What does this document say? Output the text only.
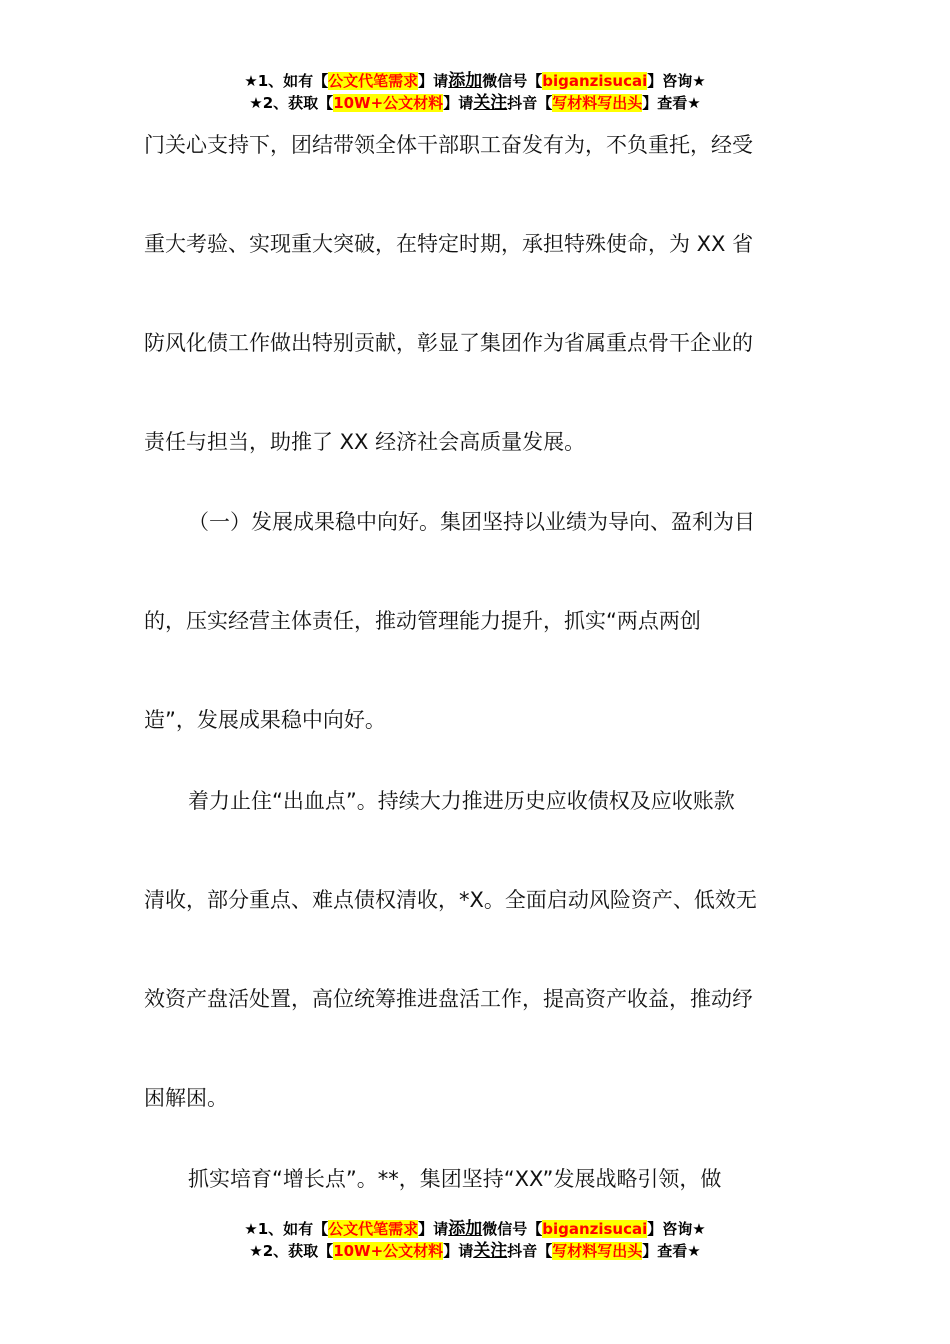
★1、如有【公文代笔需求】请添加微信号【biganzisucai】咨询★
★2、获取【10W+公文材料】请关注抖音【写材料写出头】查看★
门关心支持下，团结带领全体干部职工奋发有为，不负重托，经受
重大考验、实现重大突破，在特定时期，承担特殊使命，为 XX 省
防风化债工作做出特别贡献，彰显了集团作为省属重点骨干企业的
责任与担当，助推了 XX 经济社会高质量发展。
（一）发展成果稳中向好。集团坚持以业绩为导向、盈利为目
的，压实经营主体责任，推动管理能力提升，抓实“两点两创
造”，发展成果稳中向好。
着力止住“出血点”。持续大力推进历史应收债权及应收账款
清收，部分重点、难点债权清收，*X。全面启动风险资产、低效无
效资产盘活处置，高位统筹推进盘活工作，提高资产收益，推动纾
困解困。
抓实培育“增长点”。**，集团坚持“XX”发展战略引领，做
★1、如有【公文代笔需求】请添加微信号【biganzisucai】咨询★
★2、获取【10W+公文材料】请关注抖音【写材料写出头】查看★
